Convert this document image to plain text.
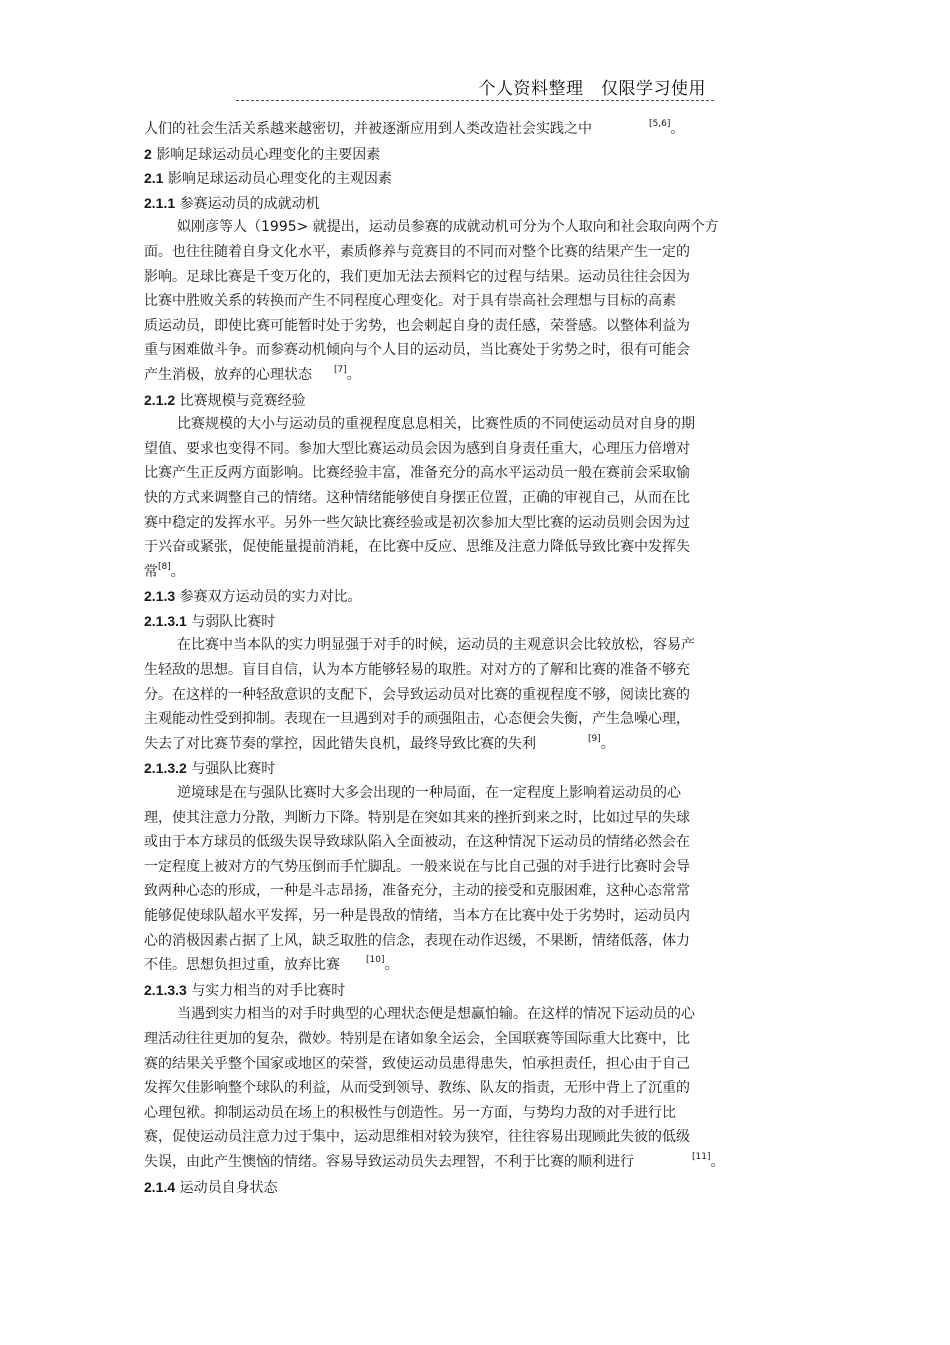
个人资料整理　仅限学习使用
人们的社会生活关系越来越密切，并被逐渐应用到人类改造社会实践之中	[5,6]。
2 影响足球运动员心理变化的主要因素
2.1 影响足球运动员心理变化的主观因素
2.1.1 参赛运动员的成就动机
姒刚彦等人（1995> 就提出，运动员参赛的成就动机可分为个人取向和社会取向两个方
面。也往往随着自身文化水平，素质修养与竞赛目的不同而对整个比赛的结果产生一定的
影响。足球比赛是千变万化的，我们更加无法去预料它的过程与结果。运动员往往会因为
比赛中胜败关系的转换而产生不同程度心理变化。对于具有崇高社会理想与目标的高素
质运动员，即使比赛可能暂时处于劣势，也会刺起自身的责任感，荣誉感。以整体利益为
重与困难做斗争。而参赛动机倾向与个人目的运动员，当比赛处于劣势之时，很有可能会
产生消极，放弃的心理状态 [7]。
2.1.2 比赛规模与竞赛经验
比赛规模的大小与运动员的重视程度息息相关，比赛性质的不同使运动员对自身的期
望值、要求也变得不同。参加大型比赛运动员会因为感到自身责任重大，心理压力倍增对
比赛产生正反两方面影响。比赛经验丰富，准备充分的高水平运动员一般在赛前会采取愉
快的方式来调整自己的情绪。这种情绪能够使自身摆正位置，正确的审视自己，从而在比
赛中稳定的发挥水平。另外一些欠缺比赛经验或是初次参加大型比赛的运动员则会因为过
于兴奋或紧张，促使能量提前消耗，在比赛中反应、思维及注意力降低导致比赛中发挥失
常[8]。
2.1.3 参赛双方运动员的实力对比。
2.1.3.1 与弱队比赛时
在比赛中当本队的实力明显强于对手的时候，运动员的主观意识会比较放松，容易产
生轻敌的思想。盲目自信，认为本方能够轻易的取胜。对对方的了解和比赛的准备不够充
分。在这样的一种轻敌意识的支配下，会导致运动员对比赛的重视程度不够，阅读比赛的
主观能动性受到抑制。表现在一旦遇到对手的顽强阻击，心态便会失衡，产生急噪心理，
失去了对比赛节奏的掌控，因此错失良机，最终导致比赛的失利	[9]。
2.1.3.2 与强队比赛时
逆境球是在与强队比赛时大多会出现的一种局面，在一定程度上影响着运动员的心
理，使其注意力分散，判断力下降。特别是在突如其来的挫折到来之时，比如过早的失球
或由于本方球员的低级失误导致球队陷入全面被动，在这种情况下运动员的情绪必然会在
一定程度上被对方的气势压倒而手忙脚乱。一般来说在与比自己强的对手进行比赛时会导
致两种心态的形成，一种是斗志昂扬，准备充分，主动的接受和克服困难，这种心态常常
能够促使球队超水平发挥，另一种是畏敌的情绪，当本方在比赛中处于劣势时，运动员内
心的消极因素占据了上风，缺乏取胜的信念，表现在动作迟缓，不果断，情绪低落，体力
不佳。思想负担过重，放弃比赛	[10]。
2.1.3.3 与实力相当的对手比赛时
当遇到实力相当的对手时典型的心理状态便是想赢怕输。在这样的情况下运动员的心
理活动往往更加的复杂，微妙。特别是在诸如象全运会，全国联赛等国际重大比赛中，比
赛的结果关乎整个国家或地区的荣誉，致使运动员患得患失，怕承担责任，担心由于自己
发挥欠佳影响整个球队的利益，从而受到领导、教练、队友的指责，无形中背上了沉重的
心理包袱。抑制运动员在场上的积极性与创造性。另一方面，与势均力敌的对手进行比
赛，促使运动员注意力过于集中，运动思维相对较为狭窄，往往容易出现顾此失彼的低级
失误，由此产生懊恼的情绪。容易导致运动员失去理智，不利于比赛的顺利进行	[11]。
2.1.4 运动员自身状态
